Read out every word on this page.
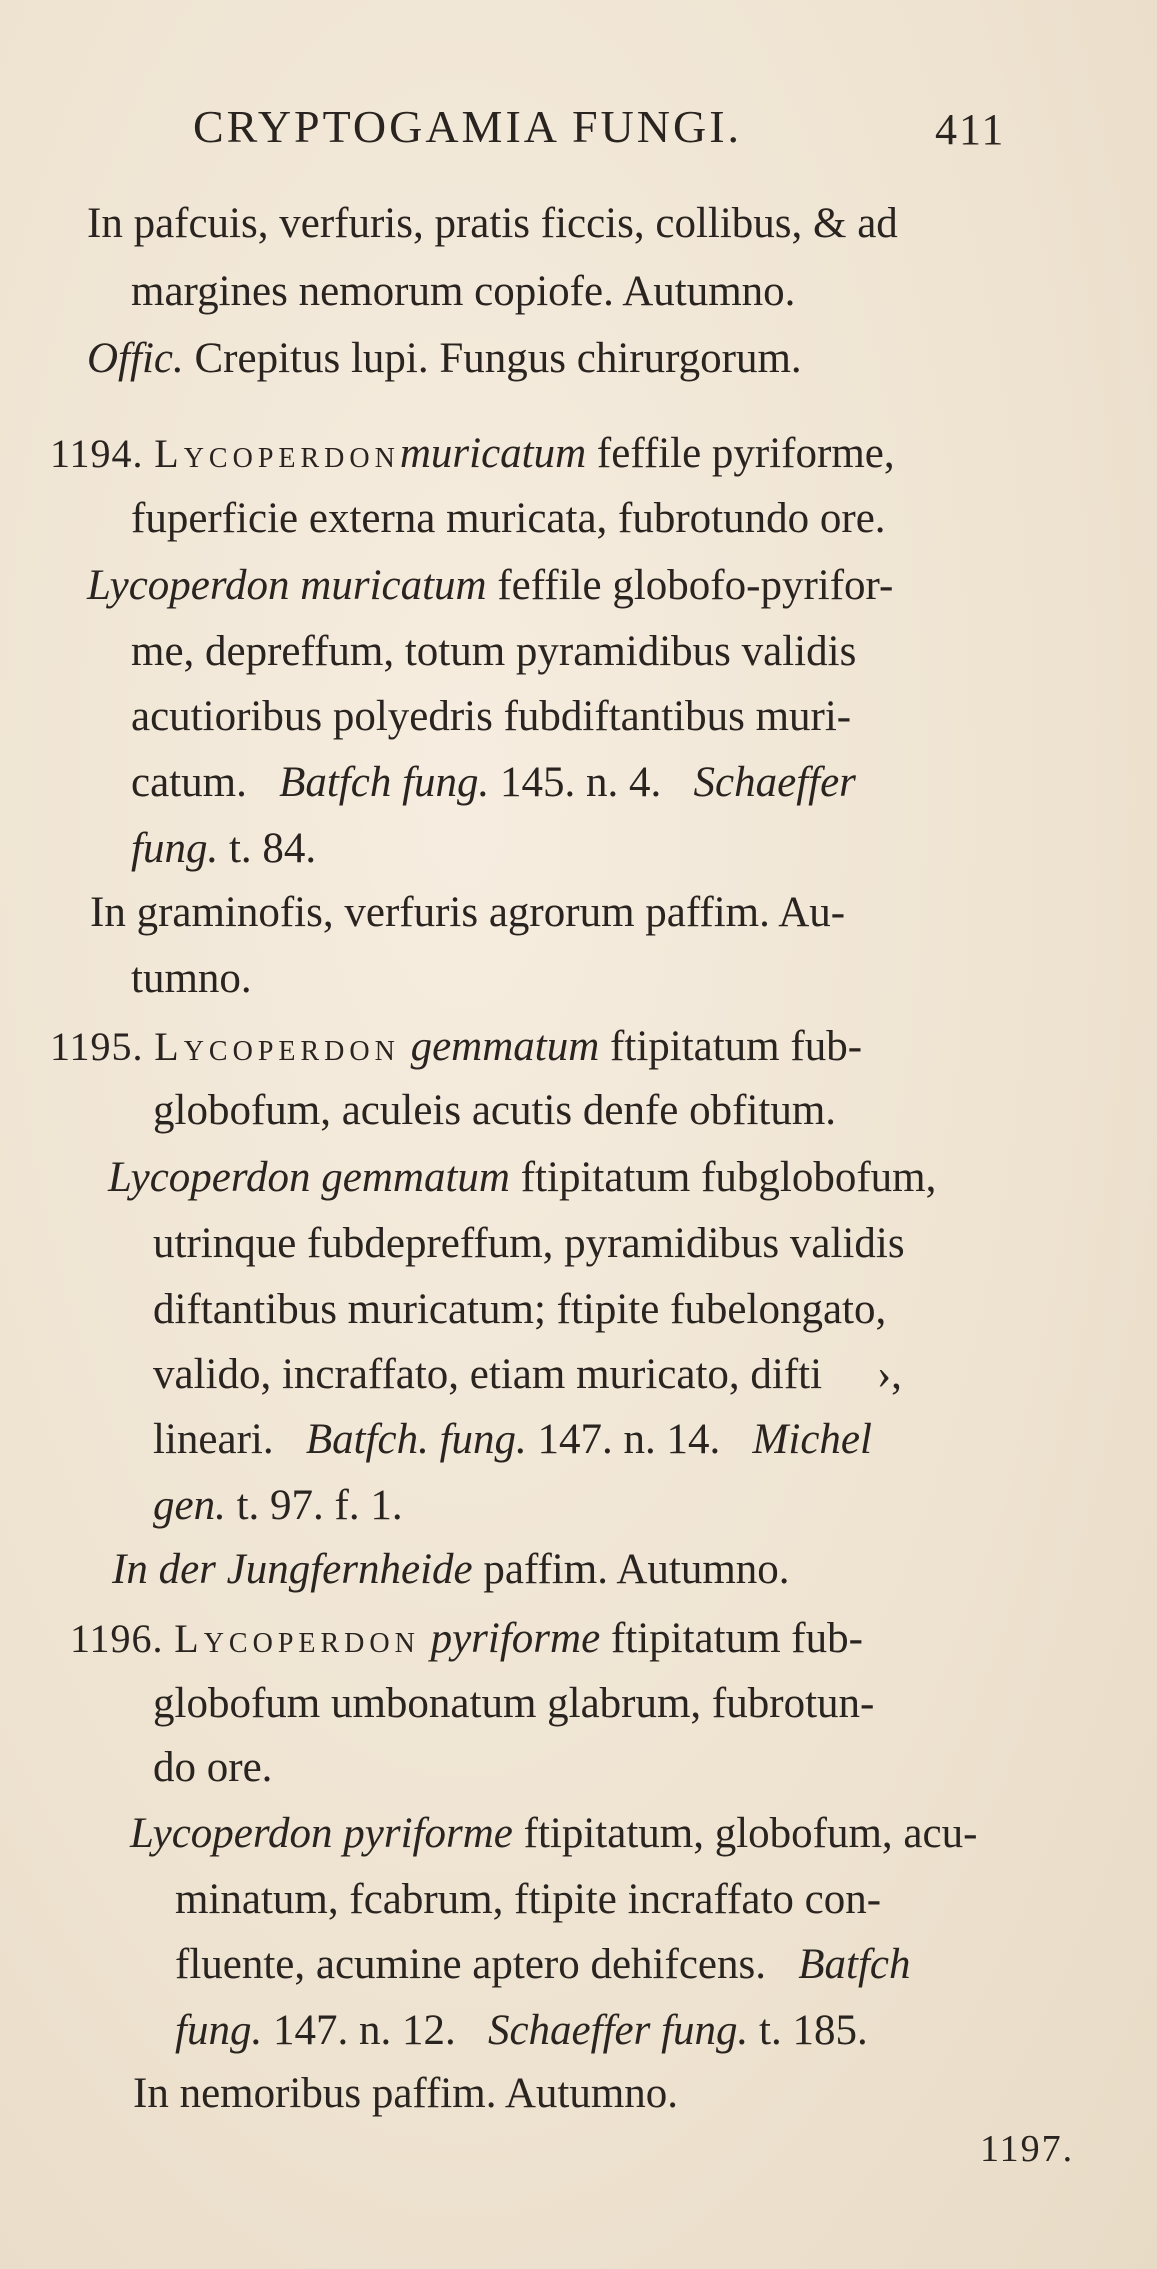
CRYPTOGAMIA FUNGI.	411
In pafcuis, verfuris, pratis ficcis, collibus, & ad
margines nemorum copiofe. Autumno.
Offic. Crepitus lupi. Fungus chirurgorum.
1194. Lycoperdonmuricatum feffile pyriforme,
fuperficie externa muricata, fubrotundo ore.
Lycoperdon muricatum feffile globofo-pyrifor-
me, depreffum, totum pyramidibus validis
acutioribus polyedris fubdiftantibus muri-
catum. Batfch fung. 145. n. 4. Schaeffer
fung. t. 84.
In graminofis, verfuris agrorum paffim. Au-
tumno.
1195. Lycoperdon gemmatum ftipitatum fub-
globofum, aculeis acutis denfe obfitum.
Lycoperdon gemmatum ftipitatum fubglobofum,
utrinque fubdepreffum, pyramidibus validis
diftantibus muricatum; ftipite fubelongato,
valido, incraffato, etiam muricato, difti ›,
lineari. Batfch. fung. 147. n. 14. Michel
gen. t. 97. f. 1.
In der Jungfernheide paffim. Autumno.
1196. Lycoperdon pyriforme ftipitatum fub-
globofum umbonatum glabrum, fubrotun-
do ore.
Lycoperdon pyriforme ftipitatum, globofum, acu-
minatum, fcabrum, ftipite incraffato con-
fluente, acumine aptero dehifcens. Batfch
fung. 147. n. 12. Schaeffer fung. t. 185.
In nemoribus paffim. Autumno.
1197.
